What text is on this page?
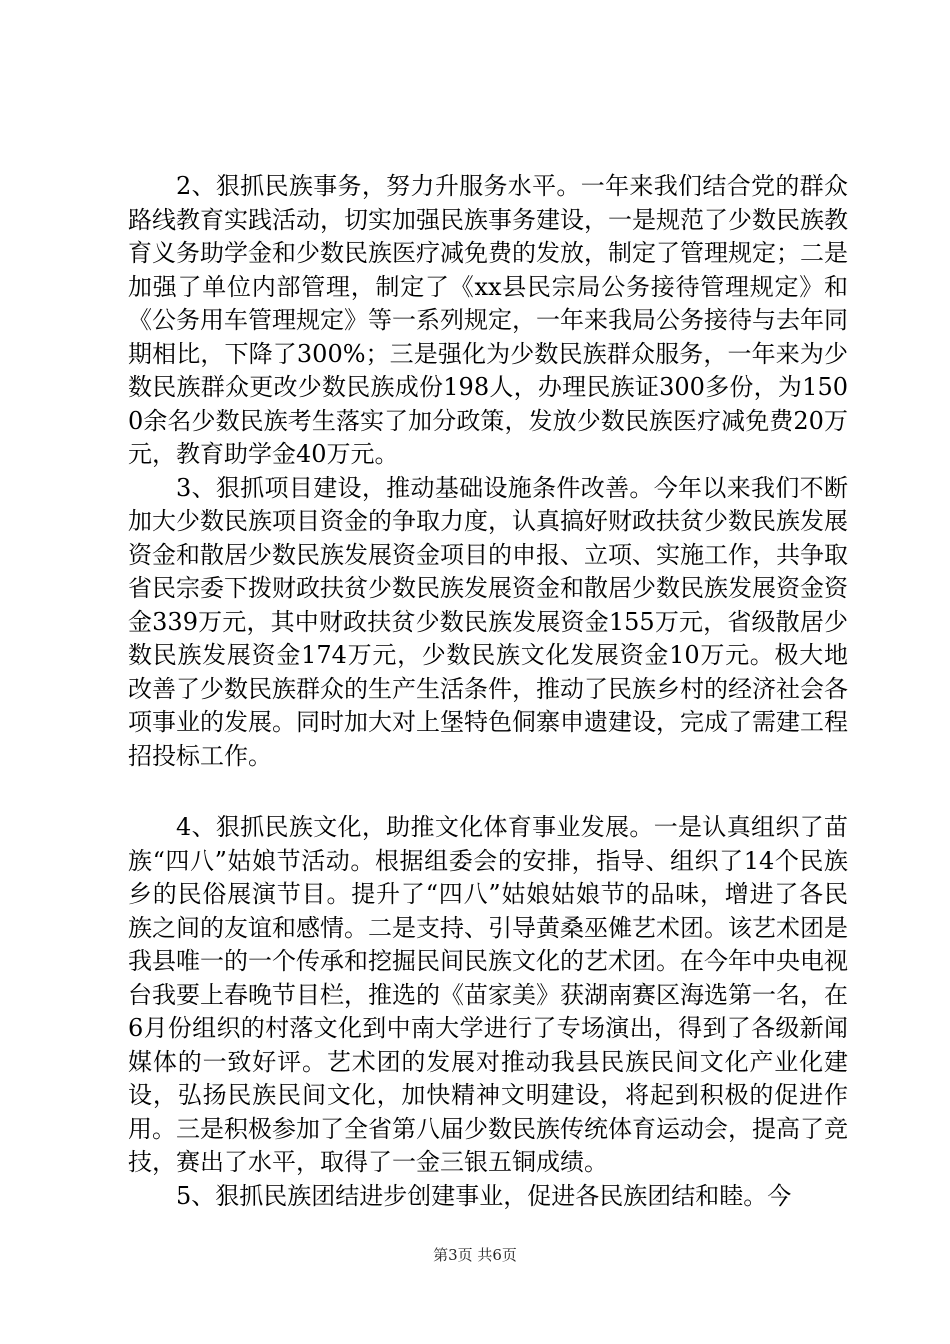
2、狠抓民族事务，努力升服务水平。一年来我们结合党的群众路线教育实践活动，切实加强民族事务建设，一是规范了少数民族教育义务助学金和少数民族医疗减免费的发放，制定了管理规定；二是加强了单位内部管理，制定了《xx县民宗局公务接待管理规定》和《公务用车管理规定》等一系列规定，一年来我局公务接待与去年同期相比，下降了300%；三是强化为少数民族群众服务，一年来为少数民族群众更改少数民族成份198人，办理民族证300多份，为1500余名少数民族考生落实了加分政策，发放少数民族医疗减免费20万元，教育助学金40万元。

3、狠抓项目建设，推动基础设施条件改善。今年以来我们不断加大少数民族项目资金的争取力度，认真搞好财政扶贫少数民族发展资金和散居少数民族发展资金项目的申报、立项、实施工作，共争取省民宗委下拨财政扶贫少数民族发展资金和散居少数民族发展资金资金339万元，其中财政扶贫少数民族发展资金155万元，省级散居少数民族发展资金174万元，少数民族文化发展资金10万元。极大地改善了少数民族群众的生产生活条件，推动了民族乡村的经济社会各项事业的发展。同时加大对上堡特色侗寨申遗建设，完成了需建工程招投标工作。

4、狠抓民族文化，助推文化体育事业发展。一是认真组织了苗族“四八”姑娘节活动。根据组委会的安排，指导、组织了14个民族乡的民俗展演节目。提升了“四八”姑娘姑娘节的品味，增进了各民族之间的友谊和感情。二是支持、引导黄桑巫傩艺术团。该艺术团是我县唯一的一个传承和挖掘民间民族文化的艺术团。在今年中央电视台我要上春晚节目栏，推选的《苗家美》获湖南赛区海选第一名，在6月份组织的村落文化到中南大学进行了专场演出，得到了各级新闻媒体的一致好评。艺术团的发展对推动我县民族民间文化产业化建设，弘扬民族民间文化，加快精神文明建设，将起到积极的促进作用。三是积极参加了全省第八届少数民族传统体育运动会，提高了竞技，赛出了水平，取得了一金三银五铜成绩。

5、狠抓民族团结进步创建事业，促进各民族团结和睦。今

第3页 共6页
